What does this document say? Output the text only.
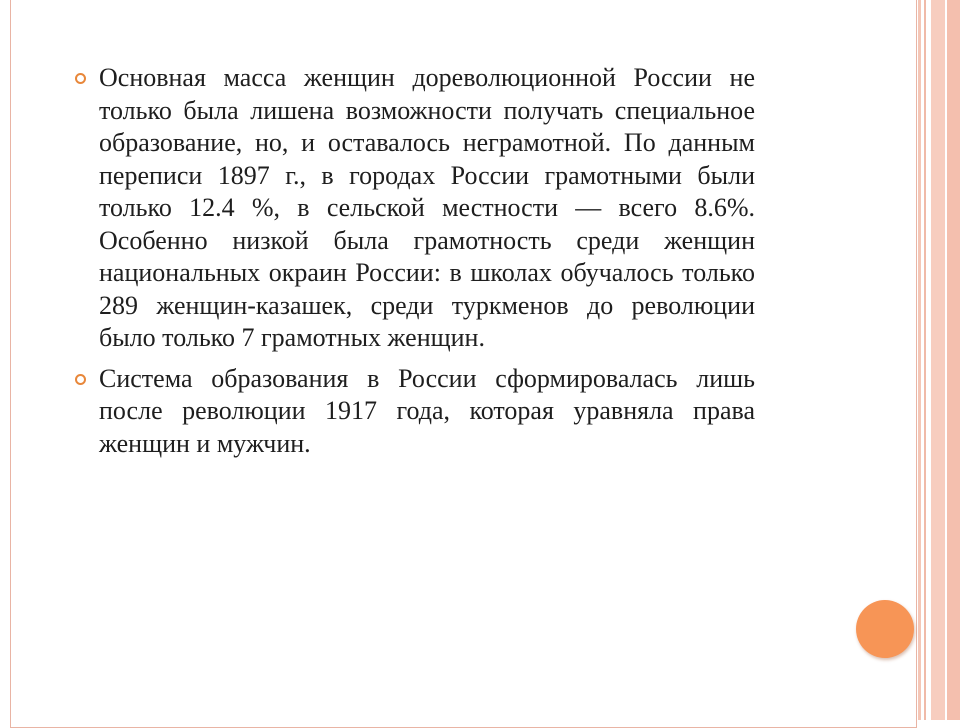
Основная масса женщин дореволюционной России не только была лишена возможности получать специальное образование, но, и оставалось неграмотной. По данным переписи 1897 г., в городах России грамотными были только 12.4 %, в сельской местности — всего 8.6%. Особенно низкой была грамотность среди женщин национальных окраин России: в школах обучалось только 289 женщин-казашек, среди туркменов до революции было только 7 грамотных женщин.
Система образования в России сформировалась лишь после революции 1917 года, которая уравняла права женщин и мужчин.
